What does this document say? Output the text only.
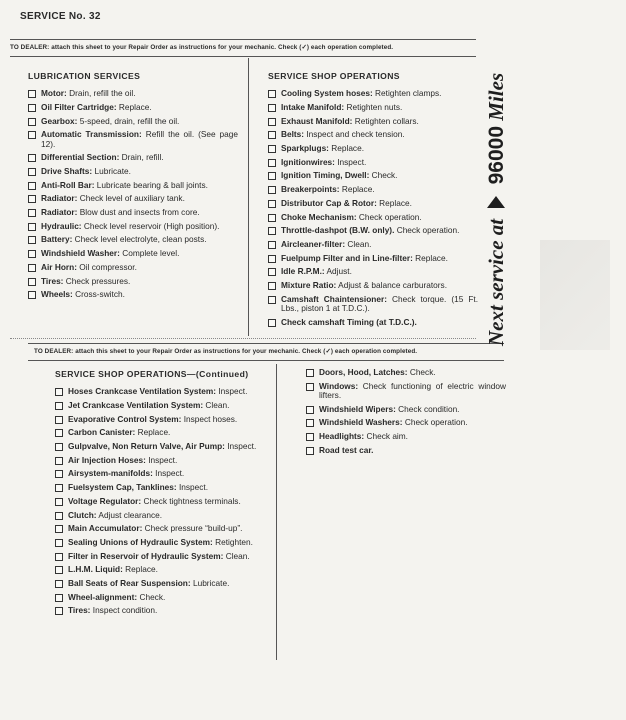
SERVICE No. 32
TO DEALER: attach this sheet to your Repair Order as instructions for your mechanic. Check (✓) each operation completed.
TO DEALER: attach this sheet to your Repair Order as instructions for your mechanic. Check (✓) each operation completed.
LUBRICATION SERVICES
Motor: Drain, refill the oil.
Oil Filter Cartridge: Replace.
Gearbox: 5-speed, drain, refill the oil.
Automatic Transmission: Refill the oil. (See page 12).
Differential Section: Drain, refill.
Drive Shafts: Lubricate.
Anti-Roll Bar: Lubricate bearing & ball joints.
Radiator: Check level of auxiliary tank.
Radiator: Blow dust and insects from core.
Hydraulic: Check level reservoir (High position).
Battery: Check level electrolyte, clean posts.
Windshield Washer: Complete level.
Air Horn: Oil compressor.
Tires: Check pressures.
Wheels: Cross-switch.
SERVICE SHOP OPERATIONS
Cooling System hoses: Retighten clamps.
Intake Manifold: Retighten nuts.
Exhaust Manifold: Retighten collars.
Belts: Inspect and check tension.
Sparkplugs: Replace.
Ignitionwires: Inspect.
Ignition Timing, Dwell: Check.
Breakerpoints: Replace.
Distributor Cap & Rotor: Replace.
Choke Mechanism: Check operation.
Throttle-dashpot (B.W. only). Check operation.
Aircleaner-filter: Clean.
Fuelpump Filter and in Line-filter: Replace.
Idle R.P.M.: Adjust.
Mixture Ratio: Adjust & balance carburators.
Camshaft Chaintensioner: Check torque. (15 Ft. Lbs., piston 1 at T.D.C.).
Check camshaft Timing (at T.D.C.).
SERVICE SHOP OPERATIONS—(Continued)
Hoses Crankcase Ventilation System: Inspect.
Jet Crankcase Ventilation System: Clean.
Evaporative Control System: Inspect hoses.
Carbon Canister: Replace.
Gulpvalve, Non Return Valve, Air Pump: Inspect.
Air Injection Hoses: Inspect.
Airsystem-manifolds: Inspect.
Fuelsystem Cap, Tanklines: Inspect.
Voltage Regulator: Check tightness terminals.
Clutch: Adjust clearance.
Main Accumulator: Check pressure “build-up”.
Sealing Unions of Hydraulic System: Retighten.
Filter in Reservoir of Hydraulic System: Clean.
L.H.M. Liquid: Replace.
Ball Seats of Rear Suspension: Lubricate.
Wheel-alignment: Check.
Tires: Inspect condition.
Doors, Hood, Latches: Check.
Windows: Check functioning of electric window lifters.
Windshield Wipers: Check condition.
Windshield Washers: Check operation.
Headlights: Check aim.
Road test car.
Next service at  96000 Miles
